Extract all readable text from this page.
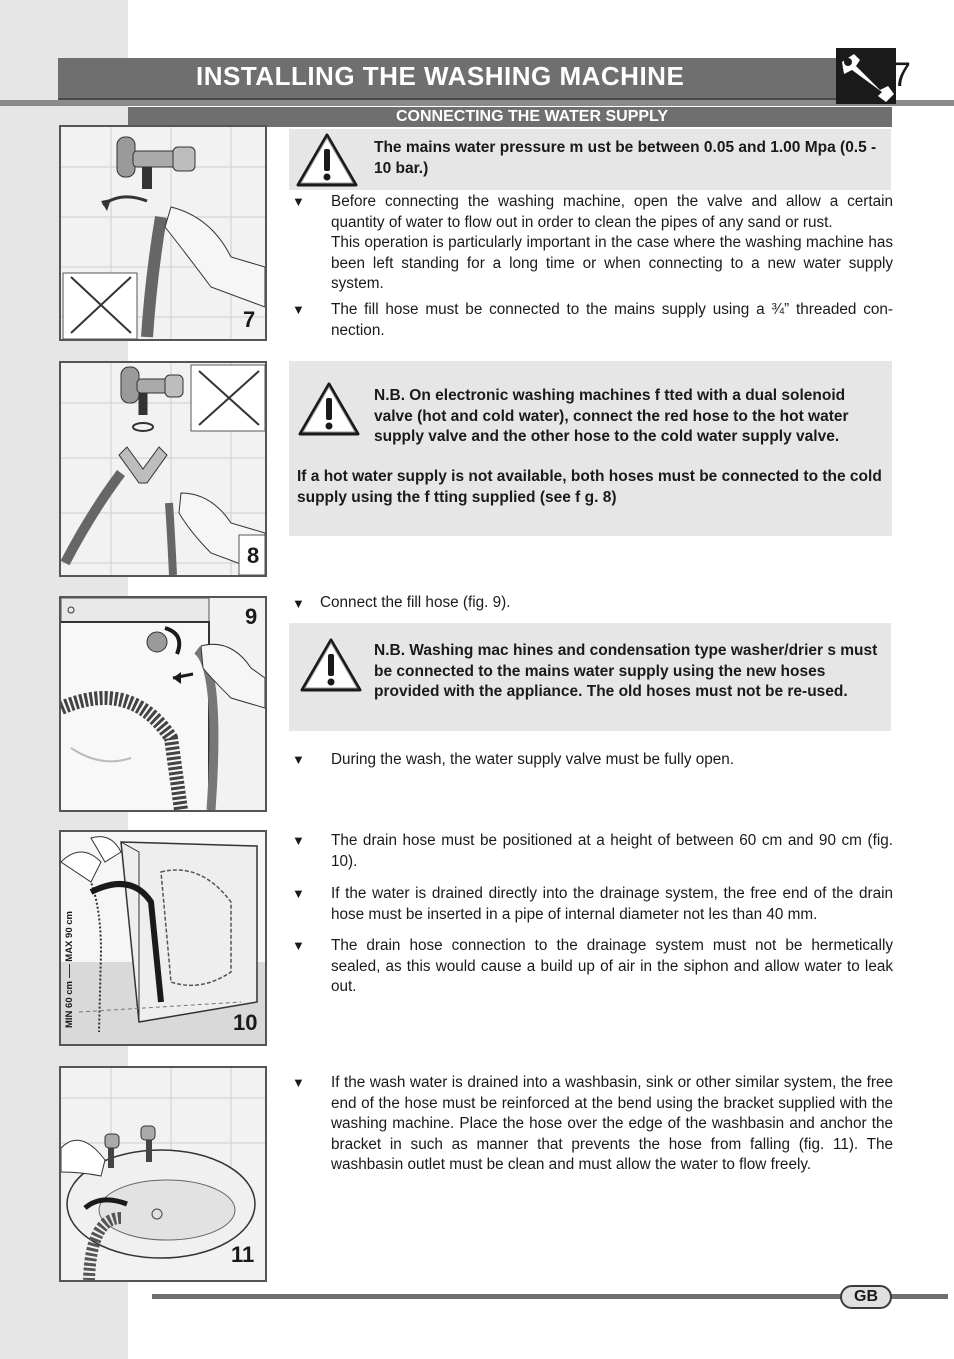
INSTALLING THE WASHING MACHINE	7
CONNECTING THE WATER SUPPLY
7
The mains water pressure m ust be between 0.05 and 1.00 Mpa (0.5 - 10 bar.)
▼ Before connecting the washing machine, open the valve and allow a certain quantity of water to flow out in order to clean the pipes of any sand or rust.
This operation is particularly important in the case where the washing machine has been left standing for a long time or when connecting to a new water supply system.
▼ The fill hose must be connected to the mains supply using a ¾” threaded con- nection.
8
N.B. On electronic washing machines f tted with a dual solenoid valve (hot and cold water), connect the red hose to the hot water supply valve and the other hose to the cold water supply valve.
If a hot water supply is not available, both hoses must be connected to the cold supply using the f tting supplied (see f g. 8)
9
▼ Connect the fill hose (fig. 9).
N.B. Washing mac hines and condensation type washer/drier s must be connected to the mains water supply using the new hoses provided with the appliance. The old hoses must not be re-used.
▼ During the wash, the water supply valve must be fully open.
MIN 60 cm  MAX 90 cm
10
▼ The drain hose must be positioned at a height of between 60 cm and 90 cm (fig. 10).
▼ If the water is drained directly into the drainage system, the free end of the drain hose must be inserted in a pipe of internal diameter not les than 40 mm.
▼ The drain hose connection to the drainage system must not be hermetically sealed, as this would cause a build up of air in the siphon and allow water to leak out.
11
▼ If the wash water is drained into a washbasin, sink or other similar system, the free end of the hose must be reinforced at the bend using the bracket supplied with the washing machine. Place the hose over the edge of the washbasin and anchor the bracket in such as manner that prevents the hose from falling (fig. 11). The washbasin outlet must be clean and must allow the water to flow freely.
GB
